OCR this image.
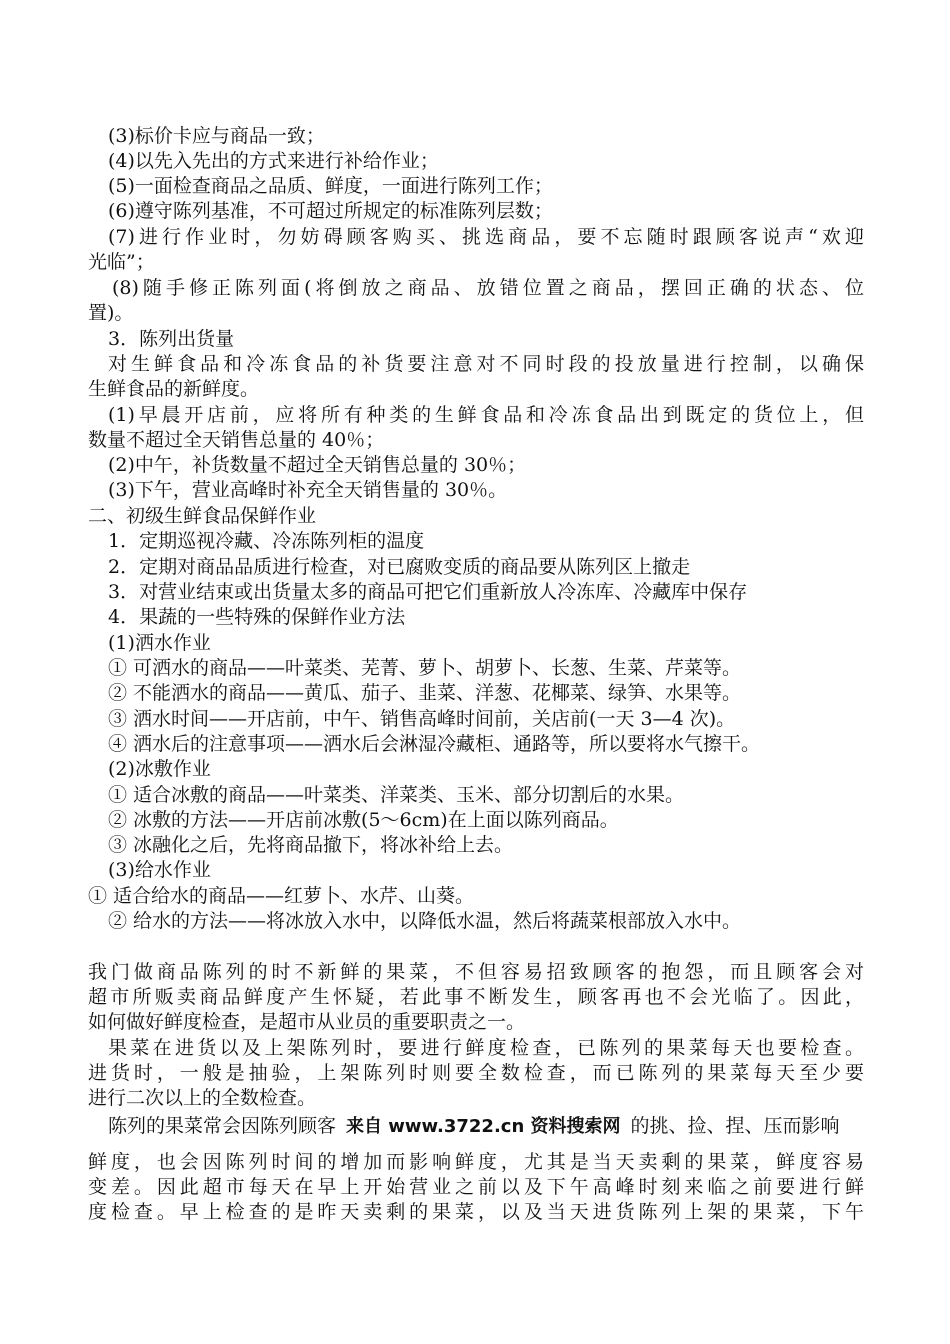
(3)标价卡应与商品一致；
(4)以先入先出的方式来进行补给作业；
(5)一面检查商品之品质、鲜度，一面进行陈列工作；
(6)遵守陈列基准，不可超过所规定的标准陈列层数；
(7)进行作业时，勿妨碍顾客购买、挑选商品，要不忘随时跟顾客说声“欢迎
光临”；
(8)随手修正陈列面(将倒放之商品、放错位置之商品，摆回正确的状态、位
置)。
3．陈列出货量
对生鲜食品和冷冻食品的补货要注意对不同时段的投放量进行控制，以确保
生鲜食品的新鲜度。
(1)早晨开店前，应将所有种类的生鲜食品和冷冻食品出到既定的货位上，但
数量不超过全天销售总量的 40％；
(2)中午，补货数量不超过全天销售总量的 30％；
(3)下午，营业高峰时补充全天销售量的 30％。
二、初级生鲜食品保鲜作业
1．定期巡视冷藏、冷冻陈列柜的温度
2．定期对商品品质进行检查，对已腐败变质的商品要从陈列区上撤走
3．对营业结束或出货量太多的商品可把它们重新放人冷冻库、冷藏库中保存
4．果蔬的一些特殊的保鲜作业方法
(1)洒水作业
① 可洒水的商品——叶菜类、芜菁、萝卜、胡萝卜、长葱、生菜、芹菜等。
② 不能洒水的商品——黄瓜、茄子、韭菜、洋葱、花椰菜、绿笋、水果等。
③ 洒水时间——开店前，中午、销售高峰时间前，关店前(一天 3—4 次)。
④ 洒水后的注意事项——洒水后会淋湿冷藏柜、通路等，所以要将水气擦干。
(2)冰敷作业
① 适合冰敷的商品——叶菜类、洋菜类、玉米、部分切割后的水果。
② 冰敷的方法——开店前冰敷(5～6cm)在上面以陈列商品。
③ 冰融化之后，先将商品撤下，将冰补给上去。
(3)给水作业
① 适合给水的商品——红萝卜、水芹、山葵。
② 给水的方法——将冰放入水中，以降低水温，然后将蔬菜根部放入水中。
我门做商品陈列的时不新鲜的果菜，不但容易招致顾客的抱怨，而且顾客会对
超市所贩卖商品鲜度产生怀疑，若此事不断发生，顾客再也不会光临了。因此，
如何做好鲜度检查，是超市从业员的重要职责之一。
果菜在进货以及上架陈列时，要进行鲜度检查，已陈列的果菜每天也要检查。
进货时，一般是抽验，上架陈列时则要全数检查，而已陈列的果菜每天至少要
进行二次以上的全数检查。
陈列的果菜常会因陈列顾客 来自 www.3722.cn 资料搜索网 的挑、捡、捏、压而影响
鲜度，也会因陈列时间的增加而影响鲜度，尤其是当天卖剩的果菜，鲜度容易
变差。因此超市每天在早上开始营业之前以及下午高峰时刻来临之前要进行鲜
度检查。早上检查的是昨天卖剩的果菜，以及当天进货陈列上架的果菜，下午
